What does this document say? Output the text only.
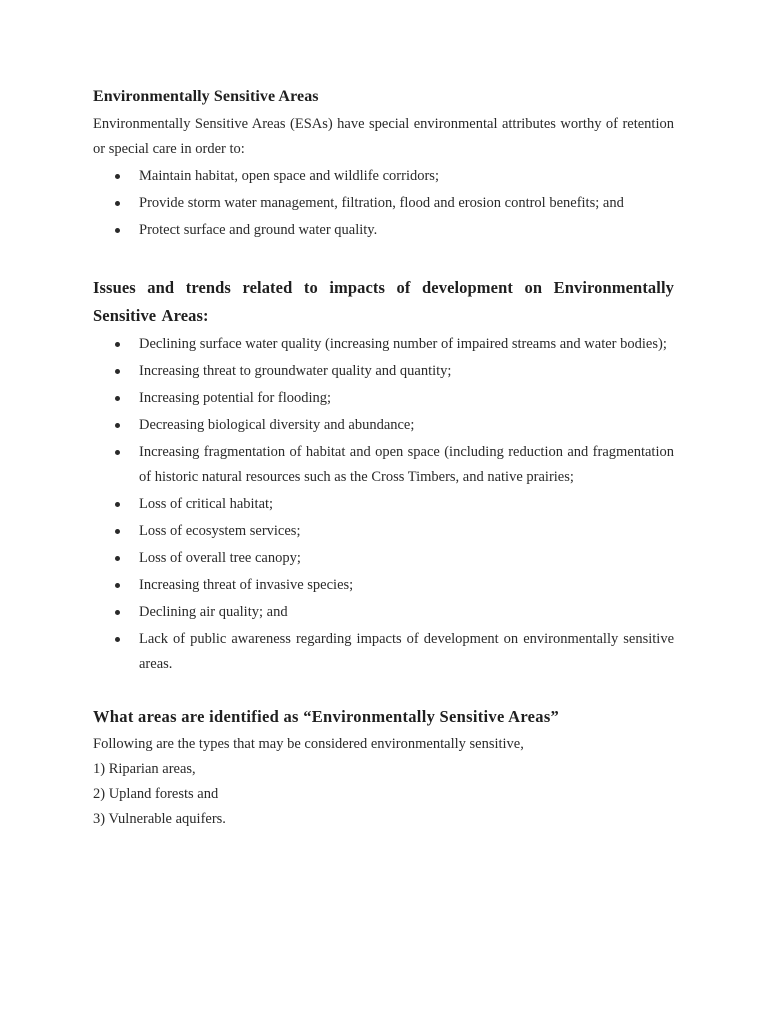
Environmentally Sensitive Areas

Environmentally Sensitive Areas (ESAs) have special environmental attributes worthy of retention or special care in order to:

Maintain habitat, open space and wildlife corridors;
Provide storm water management, filtration, flood and erosion control benefits; and
Protect surface and ground water quality.
Issues and trends related to impacts of development on Environmentally Sensitive Areas:
Declining surface water quality (increasing number of impaired streams and water bodies);
Increasing threat to groundwater quality and quantity;
Increasing potential for flooding;
Decreasing biological diversity and abundance;
Increasing fragmentation of habitat and open space (including reduction and fragmentation of historic natural resources such as the Cross Timbers, and native prairies;
Loss of critical habitat;
Loss of ecosystem services;
Loss of overall tree canopy;
Increasing threat of invasive species;
Declining air quality; and
Lack of public awareness regarding impacts of development on environmentally sensitive areas.
What areas are identified as “Environmentally Sensitive Areas”

Following are the types that may be considered environmentally sensitive,

1) Riparian areas,

2) Upland forests and

3) Vulnerable aquifers.
